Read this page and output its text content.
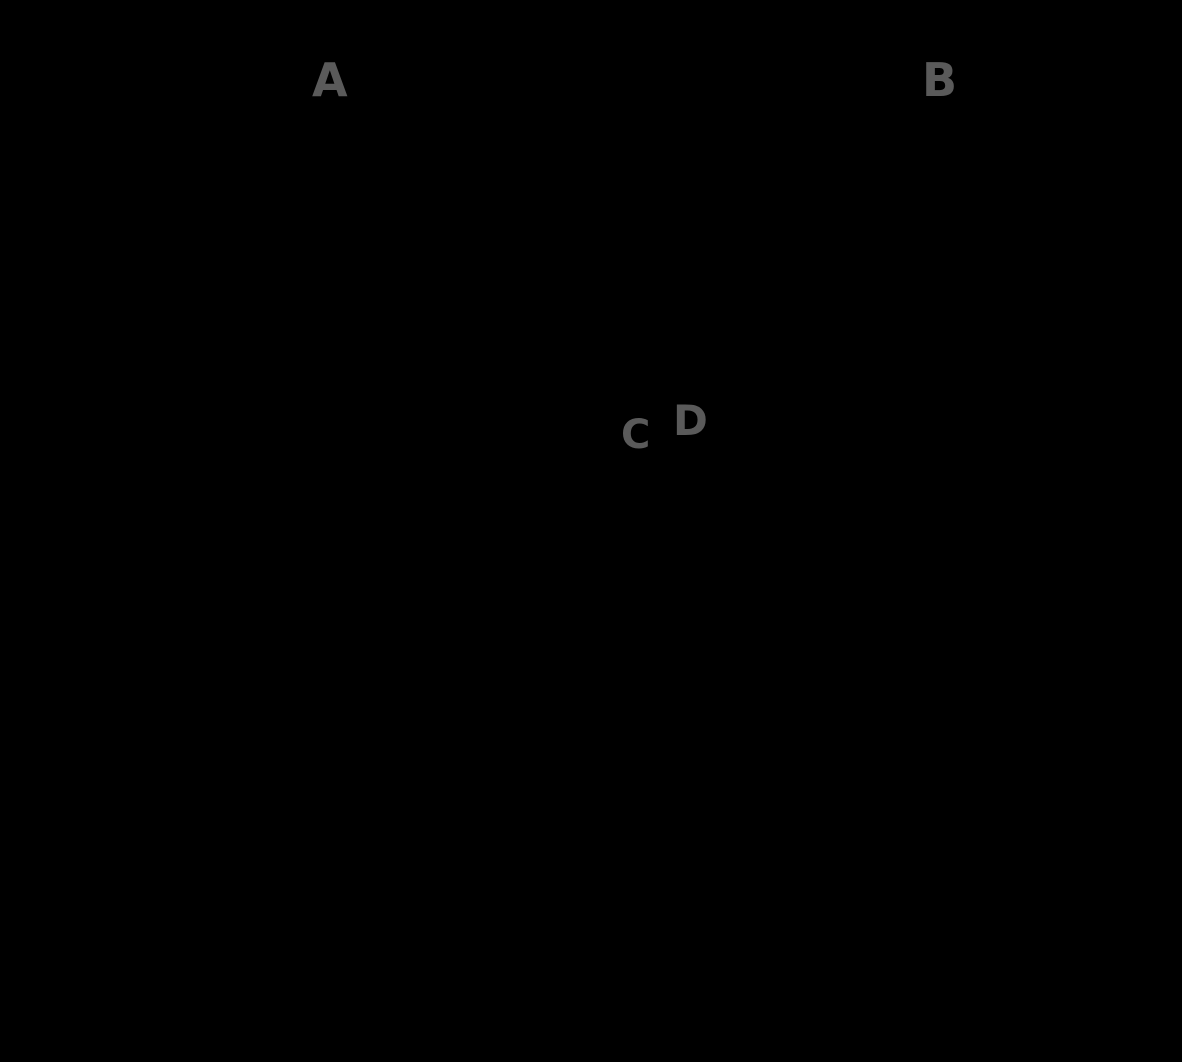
A	B
C D
